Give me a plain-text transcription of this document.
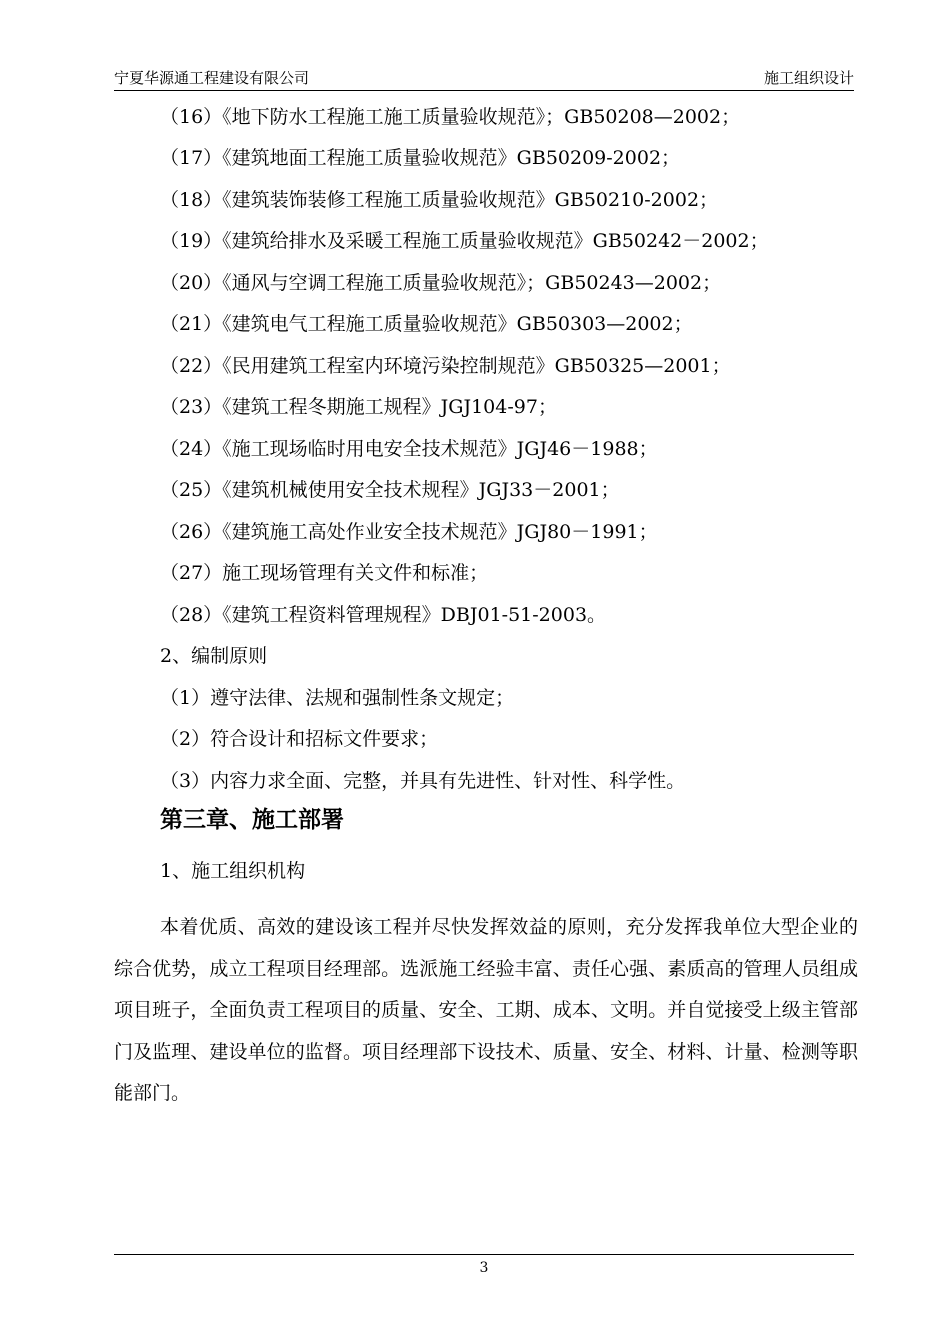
宁夏华源通工程建设有限公司	施工组织设计
（16）《地下防水工程施工施工质量验收规范》；GB50208—2002；
（17）《建筑地面工程施工质量验收规范》GB50209-2002；
（18）《建筑装饰装修工程施工质量验收规范》GB50210-2002；
（19）《建筑给排水及采暖工程施工质量验收规范》GB50242－2002；
（20）《通风与空调工程施工质量验收规范》；GB50243—2002；
（21）《建筑电气工程施工质量验收规范》GB50303—2002；
（22）《民用建筑工程室内环境污染控制规范》GB50325—2001；
（23）《建筑工程冬期施工规程》JGJ104-97；
（24）《施工现场临时用电安全技术规范》JGJ46－1988；
（25）《建筑机械使用安全技术规程》JGJ33－2001；
（26）《建筑施工高处作业安全技术规范》JGJ80－1991；
（27）施工现场管理有关文件和标准；
（28）《建筑工程资料管理规程》DBJ01-51-2003。
2、编制原则
（1）遵守法律、法规和强制性条文规定；
（2）符合设计和招标文件要求；
（3）内容力求全面、完整，并具有先进性、针对性、科学性。
第三章、施工部署
1、施工组织机构
本着优质、高效的建设该工程并尽快发挥效益的原则，充分发挥我单位大型企业的综合优势，成立工程项目经理部。选派施工经验丰富、责任心强、素质高的管理人员组成项目班子，全面负责工程项目的质量、安全、工期、成本、文明。并自觉接受上级主管部门及监理、建设单位的监督。项目经理部下设技术、质量、安全、材料、计量、检测等职能部门。
3
